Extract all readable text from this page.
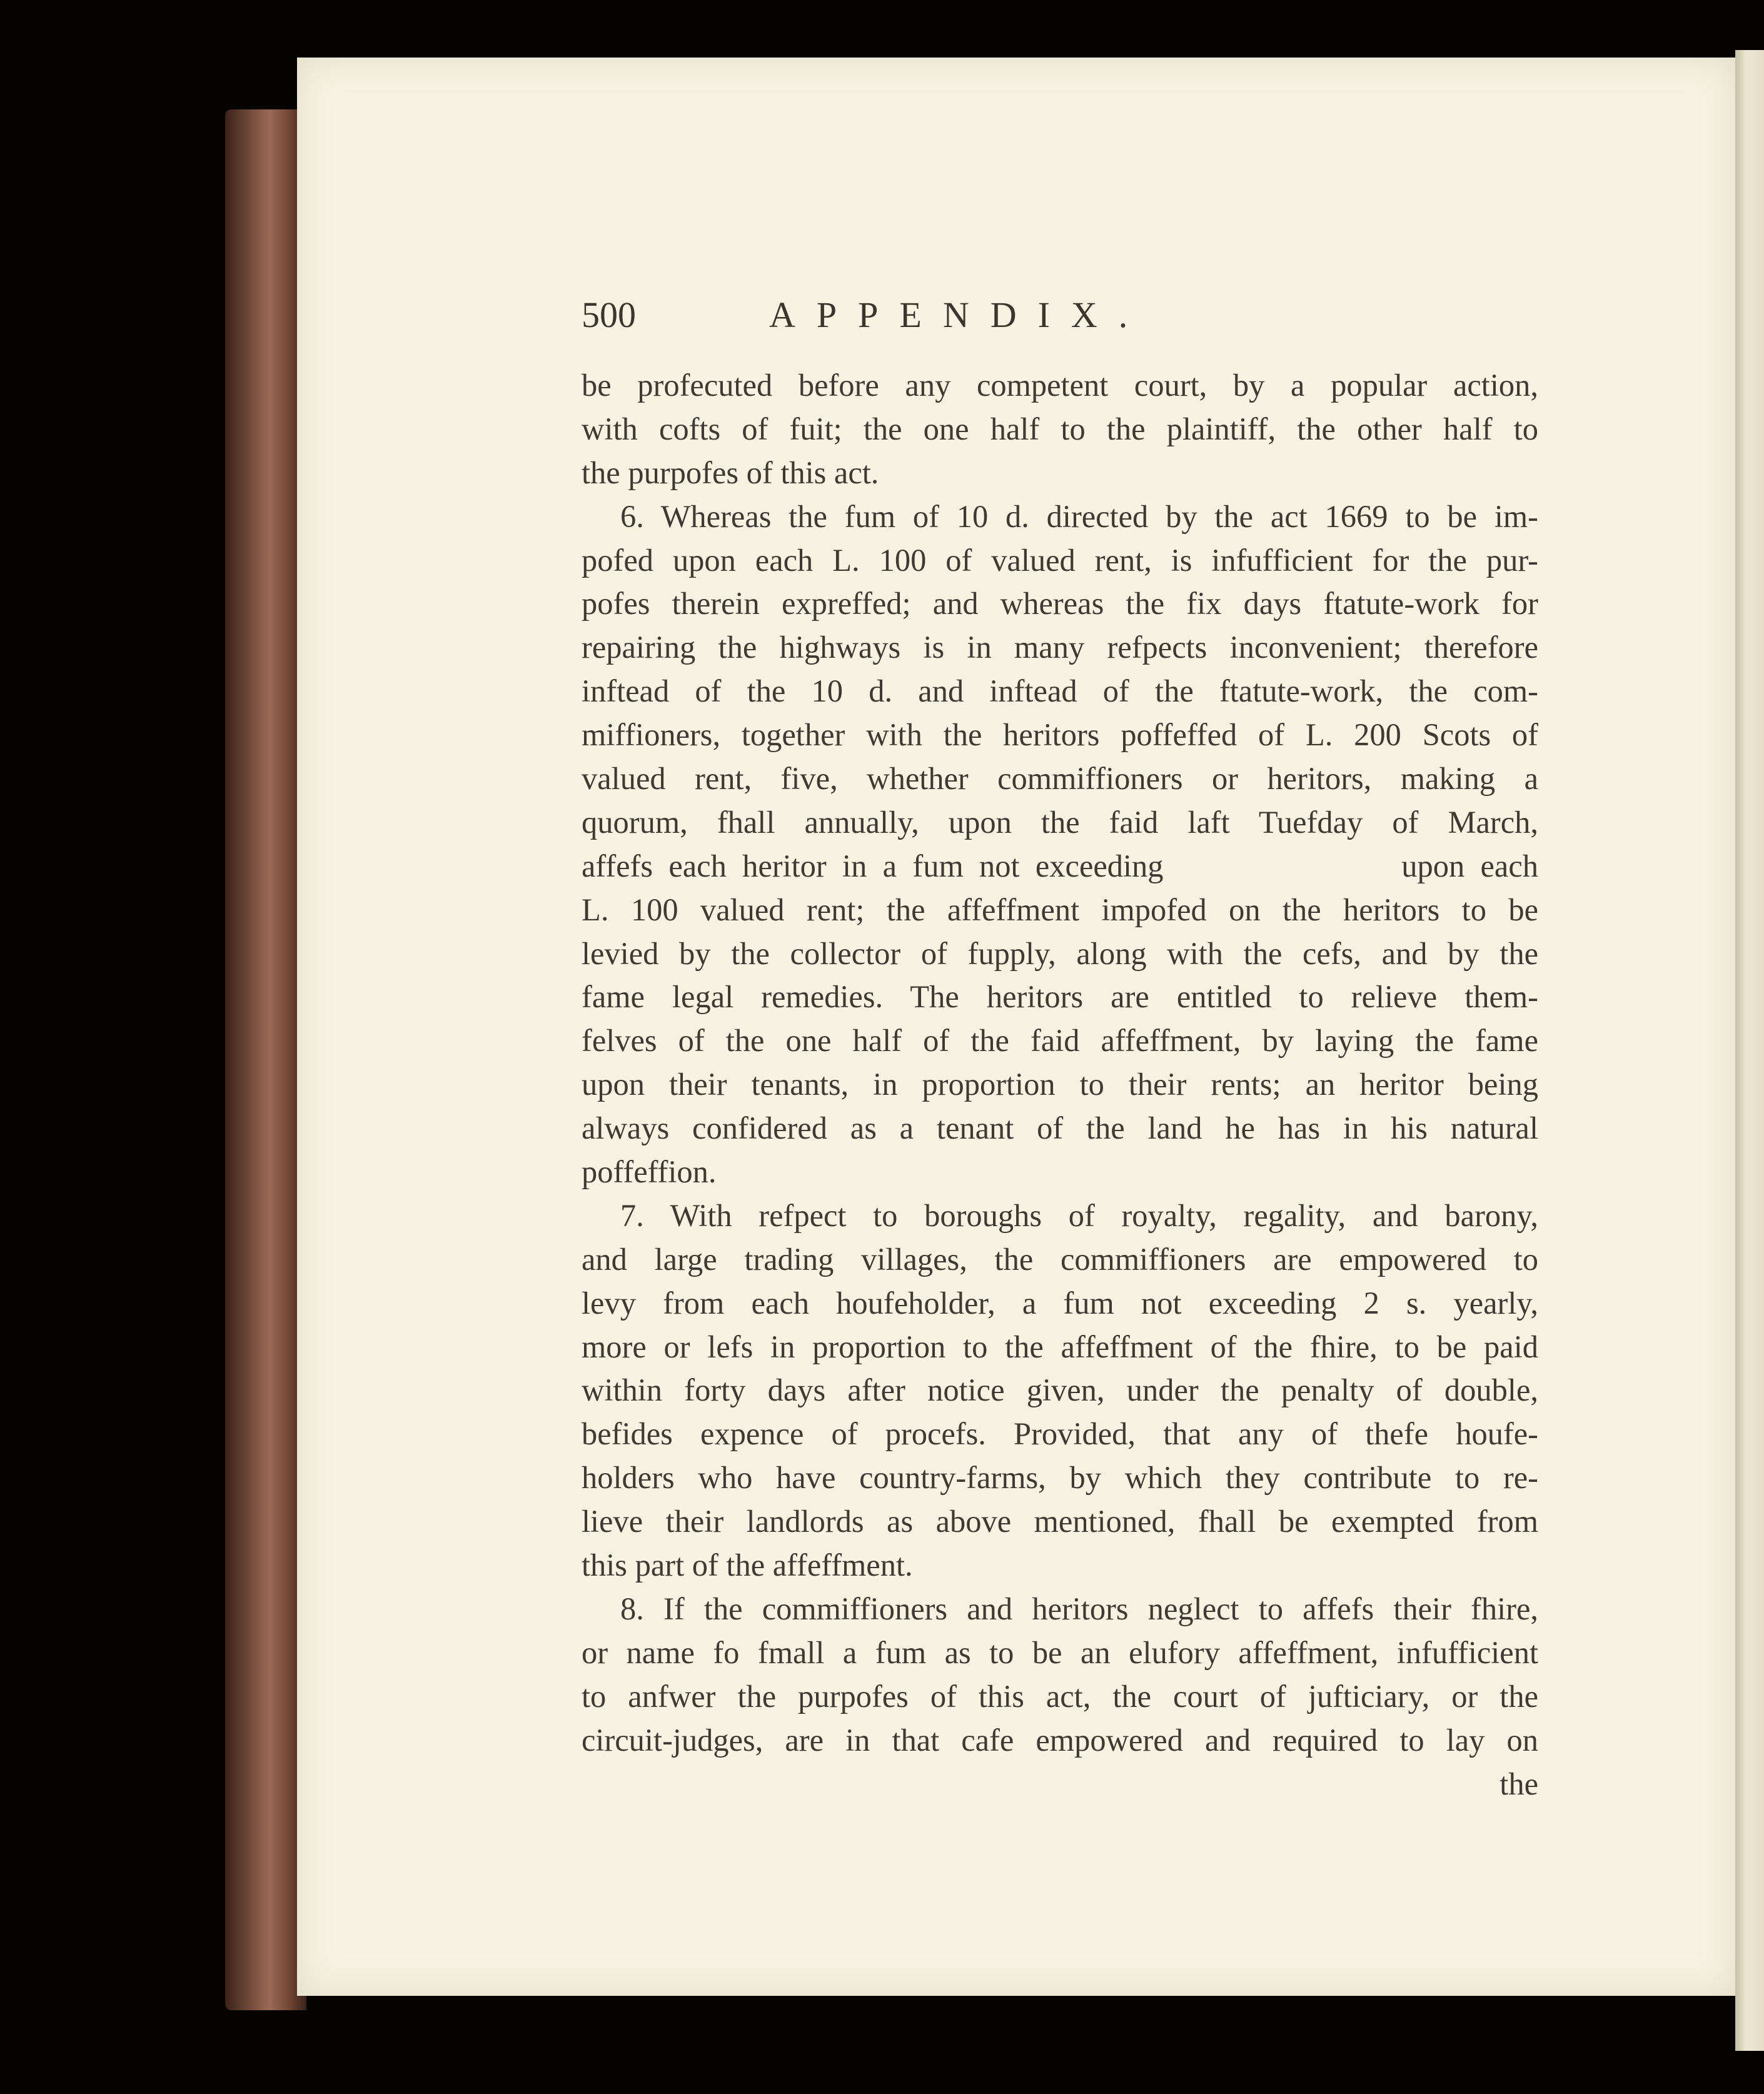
500	APPENDIX.
be profecuted before any competent court, by a popular action,
with cofts of fuit; the one half to the plaintiff, the other half to
the purpofes of this act.
6. Whereas the fum of 10 d. directed by the act 1669 to be im-
pofed upon each L. 100 of valued rent, is infufficient for the pur-
pofes therein expreffed; and whereas the fix days ftatute-work for
repairing the highways is in many refpects inconvenient; therefore
inftead of the 10 d. and inftead of the ftatute-work, the com-
miffioners, together with the heritors poffeffed of L. 200 Scots of
valued rent, five, whether commiffioners or heritors, making a
quorum, fhall annually, upon the faid laft Tuefday of March,
affefs each heritor in a fum not exceeding	upon each
L. 100 valued rent; the affeffment impofed on the heritors to be
levied by the collector of fupply, along with the cefs, and by the
fame legal remedies. The heritors are entitled to relieve them-
felves of the one half of the faid affeffment, by laying the fame
upon their tenants, in proportion to their rents; an heritor being
always confidered as a tenant of the land he has in his natural
poffeffion.
7. With refpect to boroughs of royalty, regality, and barony,
and large trading villages, the commiffioners are empowered to
levy from each houfeholder, a fum not exceeding 2 s. yearly,
more or lefs in proportion to the affeffment of the fhire, to be paid
within forty days after notice given, under the penalty of double,
befides expence of procefs. Provided, that any of thefe houfe-
holders who have country-farms, by which they contribute to re-
lieve their landlords as above mentioned, fhall be exempted from
this part of the affeffment.
8. If the commiffioners and heritors neglect to affefs their fhire,
or name fo fmall a fum as to be an elufory affeffment, infufficient
to anfwer the purpofes of this act, the court of jufticiary, or the
circuit-judges, are in that cafe empowered and required to lay on
the
